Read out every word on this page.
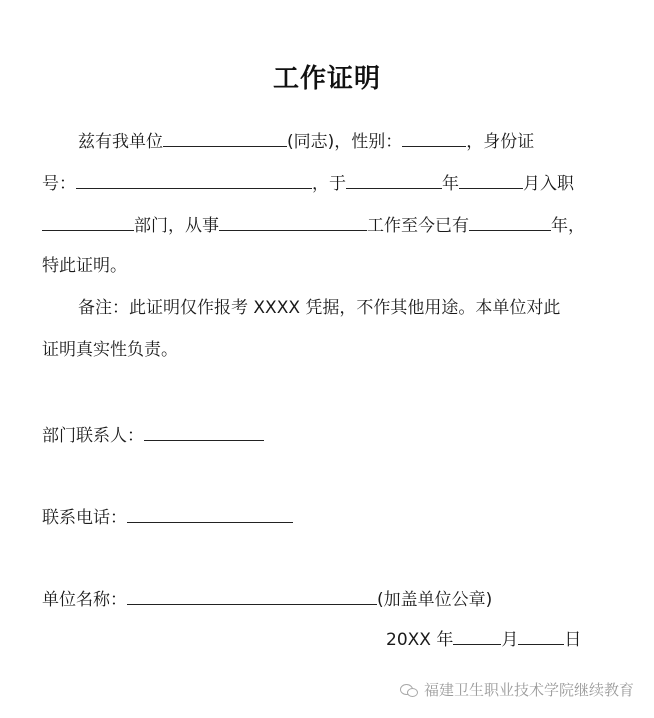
工作证明
兹有我单位	(同志)，性别：	，身份证
号：	，于	年	月入职
部门，从事	工作至今已有	年，
特此证明。
备注：此证明仅作报考 XXXX 凭据，不作其他用途。本单位对此
证明真实性负责。
部门联系人：
联系电话：
单位名称：	(加盖单位公章)
20XX 年	月	日
福建卫生职业技术学院继续教育
